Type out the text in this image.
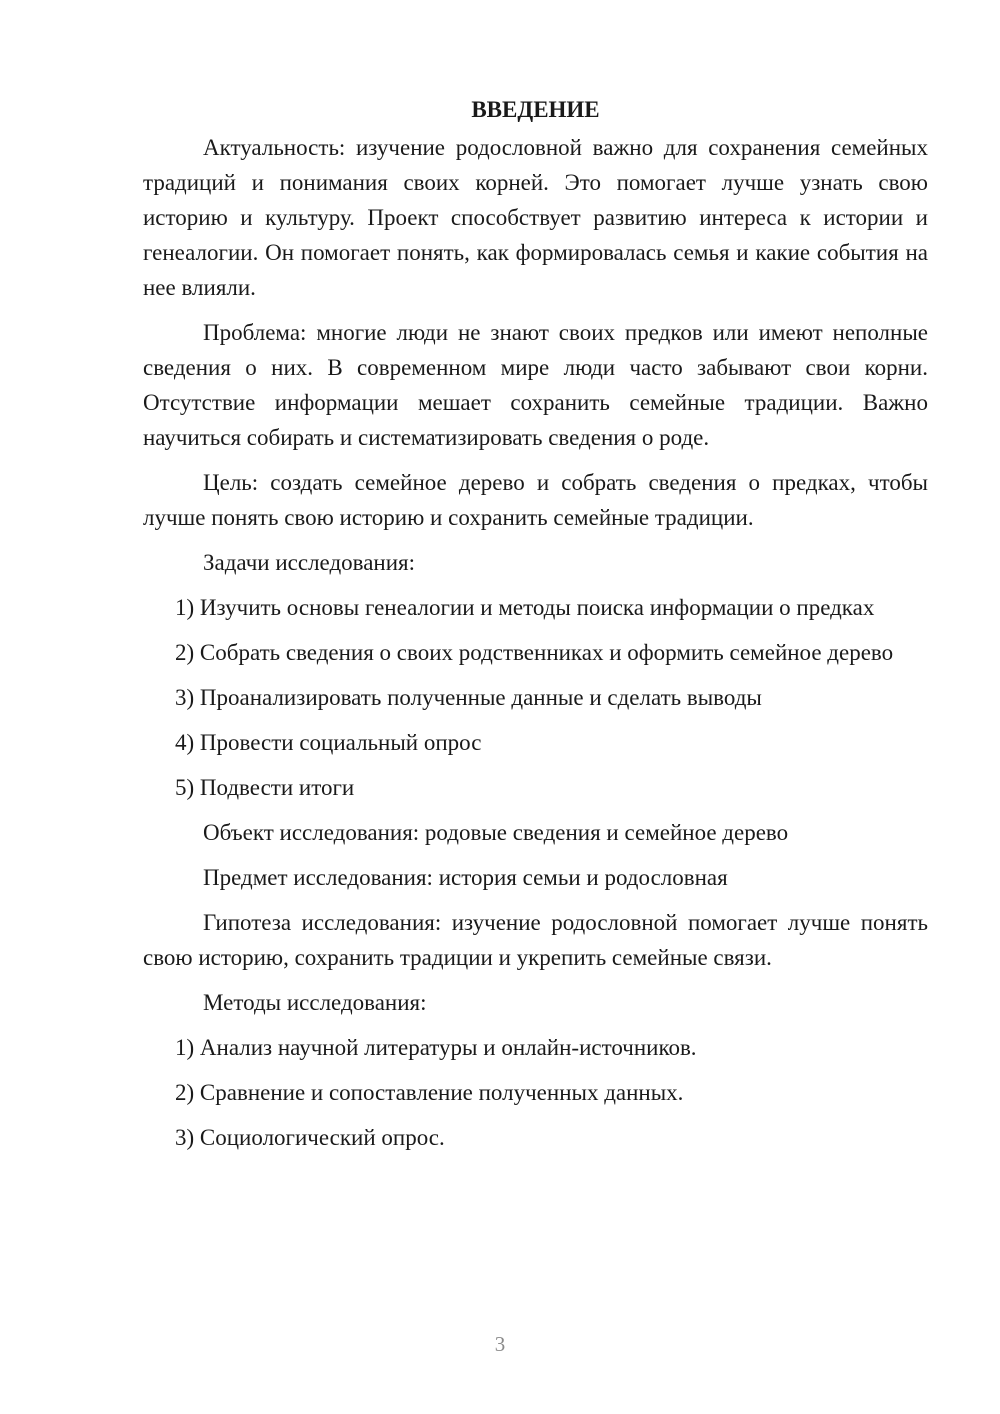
ВВЕДЕНИЕ

Актуальность: изучение родословной важно для сохранения семейных традиций и понимания своих корней. Это помогает лучше узнать свою историю и культуру. Проект способствует развитию интереса к истории и генеалогии. Он помогает понять, как формировалась семья и какие события на нее влияли.

Проблема: многие люди не знают своих предков или имеют неполные сведения о них. В современном мире люди часто забывают свои корни. Отсутствие информации мешает сохранить семейные традиции. Важно научиться собирать и систематизировать сведения о роде.

Цель: создать семейное дерево и собрать сведения о предках, чтобы лучше понять свою историю и сохранить семейные традиции.

Задачи исследования:

1) Изучить основы генеалогии и методы поиска информации о предках

2) Собрать сведения о своих родственниках и оформить семейное дерево

3) Проанализировать полученные данные и сделать выводы

4) Провести социальный опрос

5) Подвести итоги

Объект исследования: родовые сведения и семейное дерево

Предмет исследования: история семьи и родословная

Гипотеза исследования: изучение родословной помогает лучше понять свою историю, сохранить традиции и укрепить семейные связи.

Методы исследования:

1) Анализ научной литературы и онлайн-источников.

2) Сравнение и сопоставление полученных данных.

3) Социологический опрос.

3
